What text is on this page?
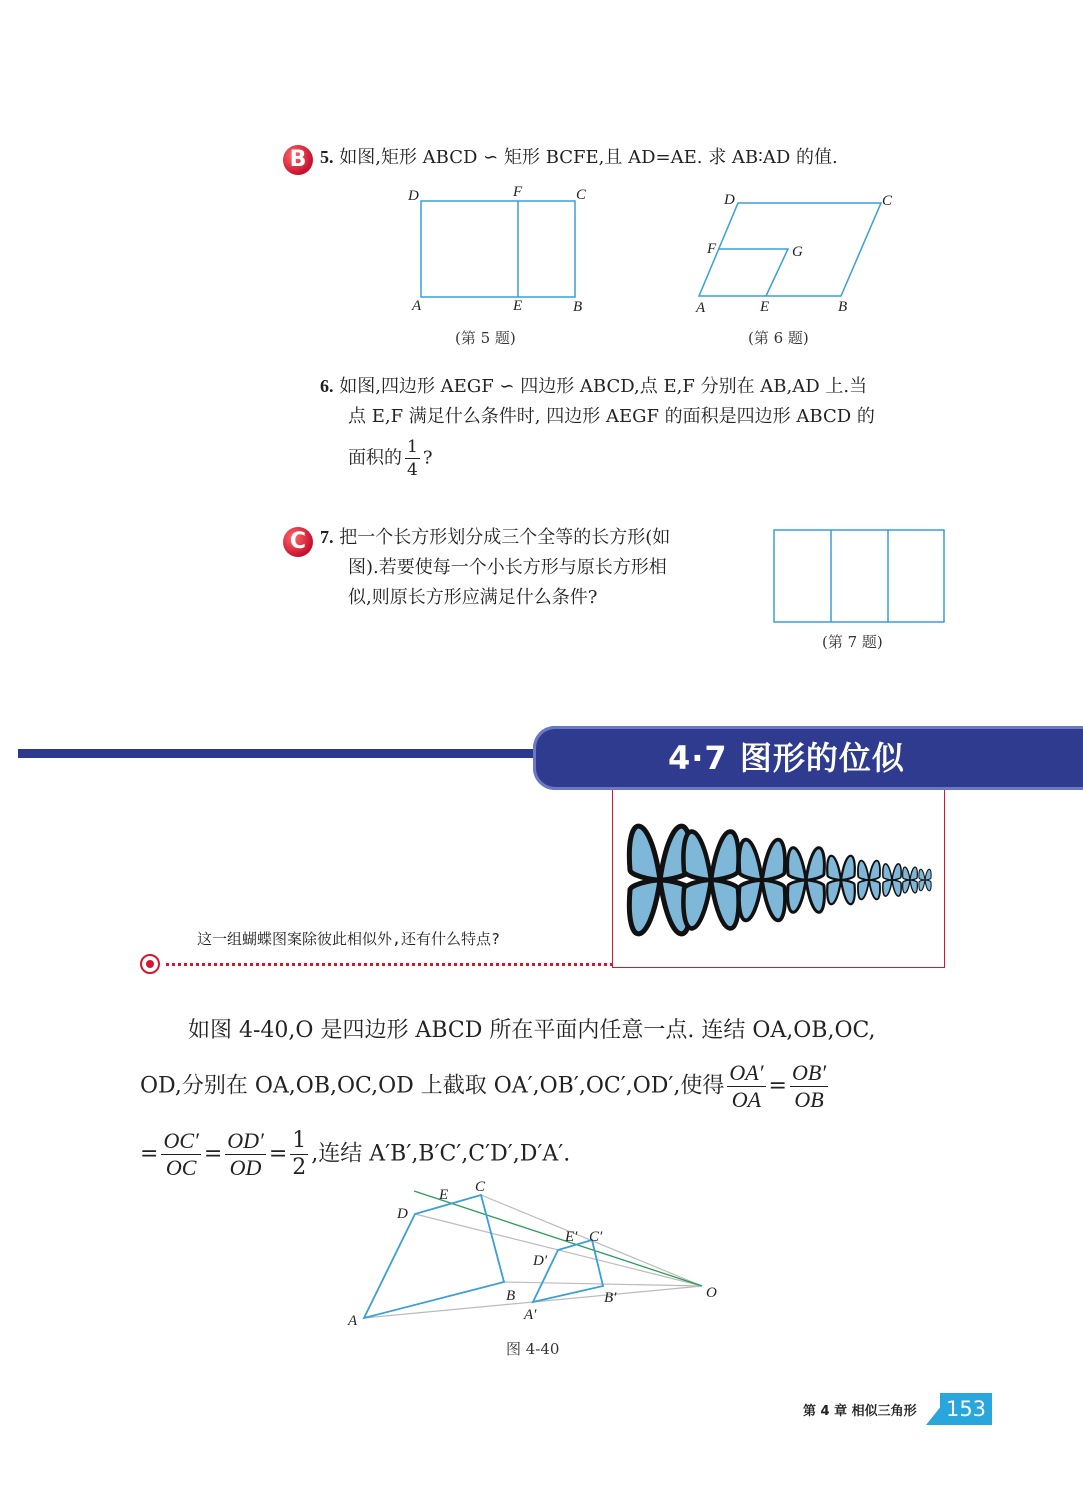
B 5. 如图,矩形 ABCD ∽ 矩形 BCFE,且 AD=AE. 求 AB∶AD 的值.
D	F	C
A	E	B
(第 5 题)
D	C
F	G
A	E	B
(第 6 题)
6. 如图,四边形 AEGF ∽ 四边形 ABCD,点 E,F 分别在 AB,AD 上.当
点 E,F 满足什么条件时, 四边形 AEGF 的面积是四边形 ABCD 的
面积的 $\frac{1}{4}$ ?
C 7. 把一个长方形划分成三个全等的长方形(如
图).若要使每一个小长方形与原长方形相
似,则原长方形应满足什么条件?
(第 7 题)
4·7 图形的位似
这一组蝴蝶图案除彼此相似外,还有什么特点?
如图 4-40,O 是四边形 ABCD 所在平面内任意一点. 连结 OA,OB,OC,
OD,分别在 OA,OB,OC,OD 上截取 OA′,OB′,OC′,OD′,使得 $\frac{OA'}{OA} = \frac{OB'}{OB}$
= $\frac{OC'}{OC} = \frac{OD'}{OD} = \frac{1}{2}$ ,连结 A′B′,B′C′,C′D′,D′A′.
E C
D
E′ C′
D′
B	B′	O
A	A′
图 4-40
第 4 章 相似三角形 153
